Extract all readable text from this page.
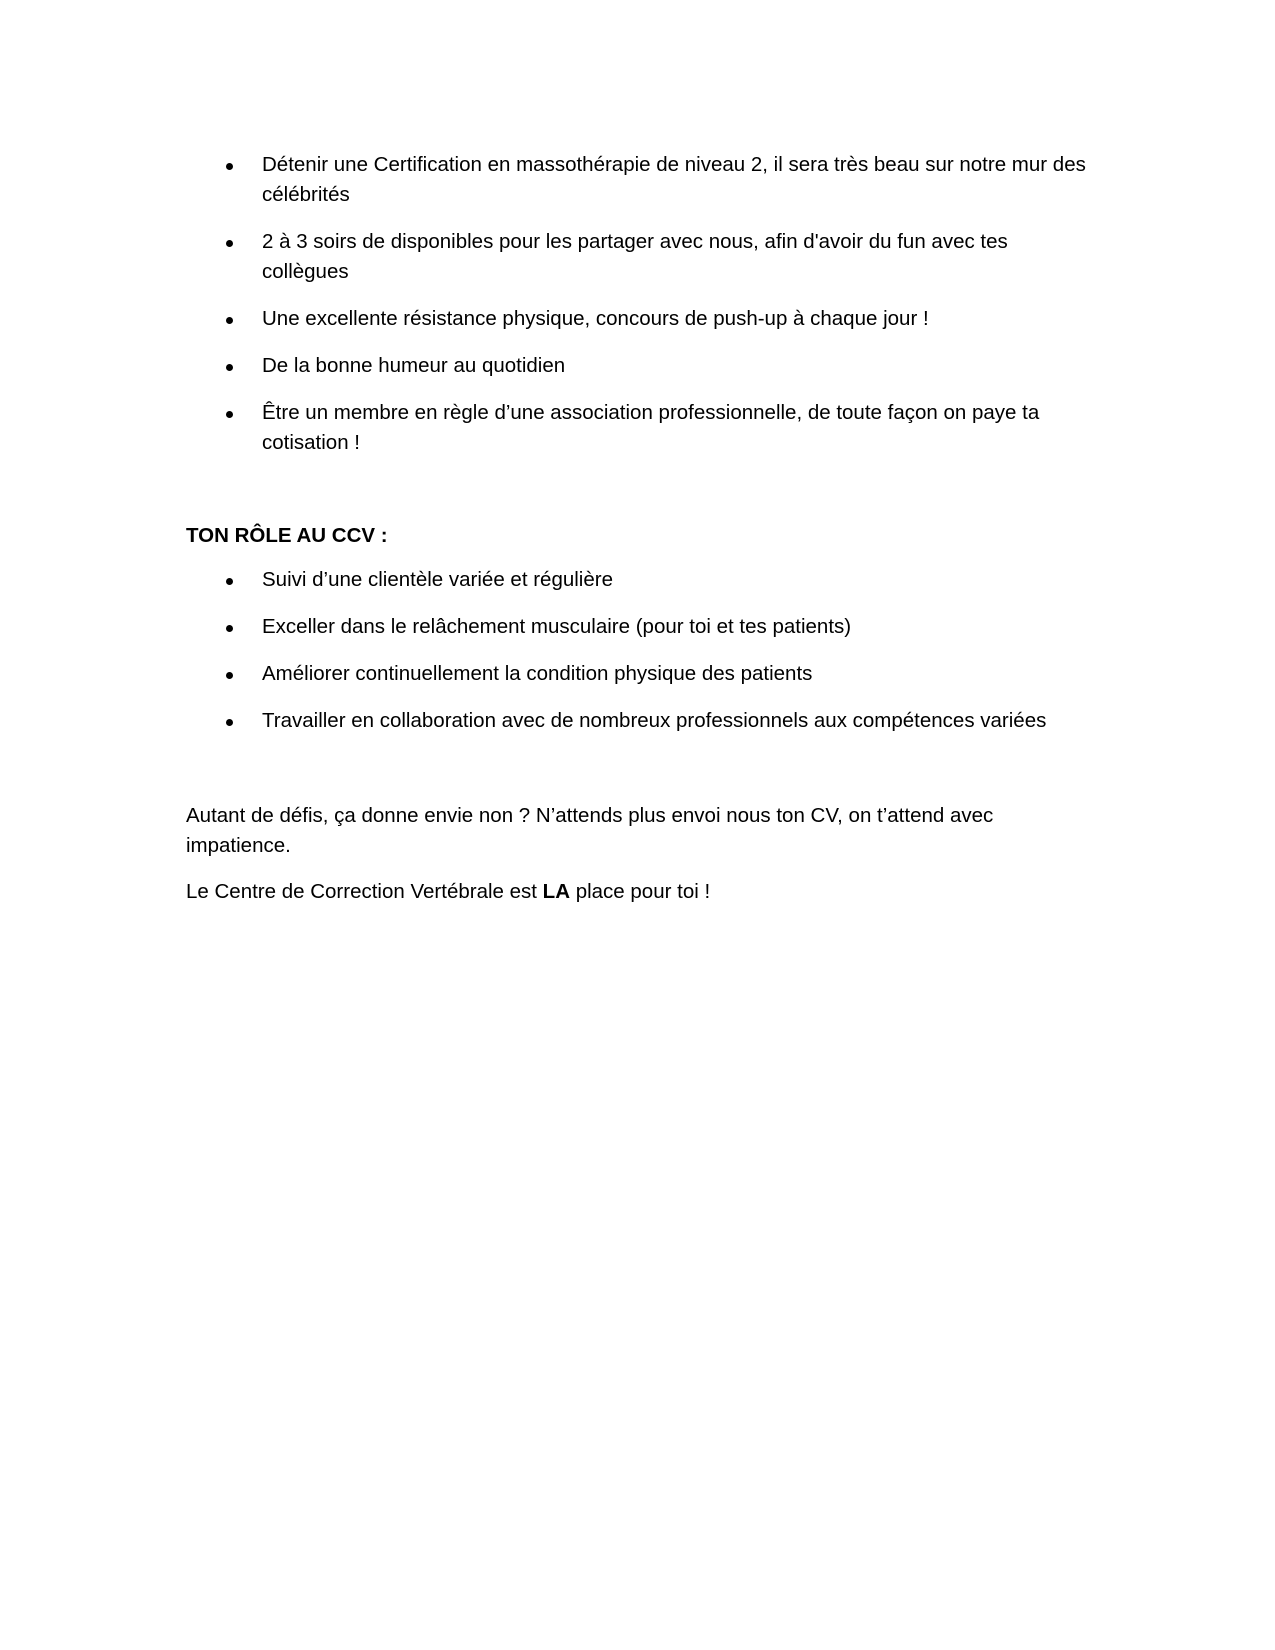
Détenir une Certification en massothérapie de niveau 2, il sera très beau sur notre mur des célébrités
2 à 3 soirs de disponibles pour les partager avec nous, afin d'avoir du fun avec tes collègues
Une excellente résistance physique, concours de push-up à chaque jour !
De la bonne humeur au quotidien
Être un membre en règle d’une association professionnelle, de toute façon on paye ta cotisation !

TON RÔLE AU CCV :

Suivi d’une clientèle variée et régulière
Exceller dans le relâchement musculaire (pour toi et tes patients)
Améliorer continuellement la condition physique des patients
Travailler en collaboration avec de nombreux professionnels aux compétences variées

Autant de défis, ça donne envie non ? N’attends plus envoi nous ton CV, on t’attend avec impatience.

Le Centre de Correction Vertébrale est LA place pour toi !
